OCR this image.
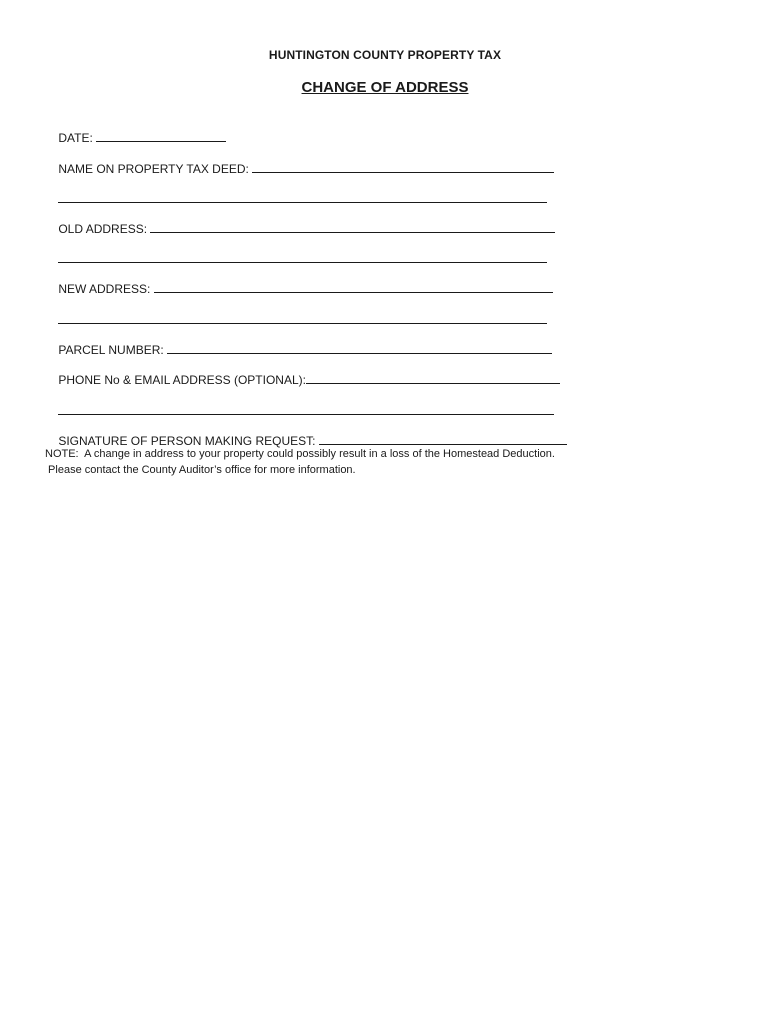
HUNTINGTON COUNTY PROPERTY TAX
CHANGE OF ADDRESS

DATE:

NAME ON PROPERTY TAX DEED:

OLD ADDRESS:

NEW ADDRESS:

PARCEL NUMBER:

PHONE No & EMAIL ADDRESS (OPTIONAL):

SIGNATURE OF PERSON MAKING REQUEST:

NOTE:  A change in address to your property could possibly result in a loss of the Homestead Deduction.
Please contact the County Auditor’s office for more information.
